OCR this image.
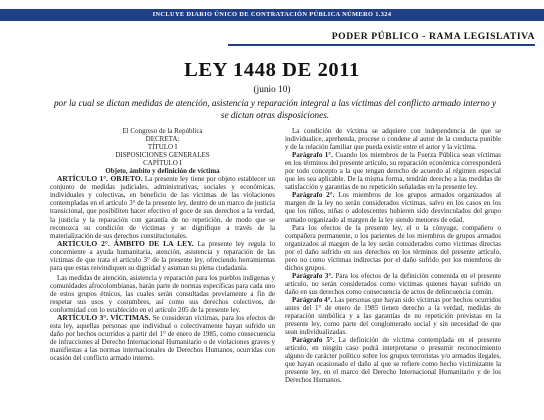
INCLUYE DIARIO ÚNICO DE CONTRATACIÓN PÚBLICA NÚMERO 1.324
PODER PÚBLICO - RAMA LEGISLATIVA
LEY 1448 DE 2011
(junio 10)
por la cual se dictan medidas de atención, asistencia y reparación integral a las víctimas del conflicto armado interno y se dictan otras disposiciones.

El Congreso de la República

DECRETA:

TÍTULO I

DISPOSICIONES GENERALES

CAPÍTULO I

Objeto, ámbito y definición de víctima

ARTÍCULO 1°. OBJETO. La presente ley tiene por objeto establecer un conjunto de medidas judiciales, administrativas, sociales y económicas, individuales y colectivas, en beneficio de las víctimas de las violaciones contempladas en el artículo 3° de la presente ley, dentro de un marco de justicia transicional, que posibiliten hacer efectivo el goce de sus derechos a la verdad, la justicia y la reparación con garantía de no repetición, de modo que se reconozca su condición de víctimas y se dignifique a través de la materialización de sus derechos constitucionales.

ARTÍCULO 2°. ÁMBITO DE LA LEY. La presente ley regula lo concerniente a ayuda humanitaria, atención, asistencia y reparación de las víctimas de que trata el artículo 3° de la presente ley, ofreciendo herramientas para que estas reivindiquen su dignidad y asuman su plena ciudadanía.

Las medidas de atención, asistencia y reparación para los pueblos indígenas y comunidades afrocolombianas, harán parte de normas específicas para cada uno de estos grupos étnicos, las cuales serán consultadas previamente a fin de respetar sus usos y costumbres, así como sus derechos colectivos, de conformidad con lo establecido en el artículo 205 de la presente ley.

ARTÍCULO 3°. VÍCTIMAS. Se consideran víctimas, para los efectos de esta ley, aquellas personas que individual o colectivamente hayan sufrido un daño por hechos ocurridos a partir del 1° de enero de 1985, como consecuencia de infracciones al Derecho Internacional Humanitario o de violaciones graves y manifiestas a las normas internacionales de Derechos Humanos, ocurridas con ocasión del conflicto armado interno.

La condición de víctima se adquiere con independencia de que se individualice, aprehenda, procese o condene al autor de la conducta punible y de la relación familiar que pueda existir entre el autor y la víctima.

Parágrafo 1°. Cuando los miembros de la Fuerza Pública sean víctimas en los términos del presente artículo, su reparación económica corresponderá por todo concepto a la que tengan derecho de acuerdo al régimen especial que les sea aplicable. De la misma forma, tendrán derecho a las medidas de satisfacción y garantías de no repetición señaladas en la presente ley.

Parágrafo 2°. Los miembros de los grupos armados organizados al margen de la ley no serán considerados víctimas, salvo en los casos en los que los niños, niñas o adolescentes hubieren sido desvinculados del grupo armado organizado al margen de la ley siendo menores de edad.

Para los efectos de la presente ley, el o la cónyuge, compañero o compañera permanente, o los parientes de los miembros de grupos armados organizados al margen de la ley serán considerados como víctimas directas por el daño sufrido en sus derechos en los términos del presente artículo, pero no como víctimas indirectas por el daño sufrido por los miembros de dichos grupos.

Parágrafo 3°. Para los efectos de la definición contenida en el presente artículo, no serán considerados como víctimas quienes hayan sufrido un daño en sus derechos como consecuencia de actos de delincuencia común.

Parágrafo 4°. Las personas que hayan sido víctimas por hechos ocurridos antes del 1° de enero de 1985 tienen derecho a la verdad, medidas de reparación simbólica y a las garantías de no repetición previstas en la presente ley, como parte del conglomerado social y sin necesidad de que sean individualizadas.

Parágrafo 5°. La definición de víctima contemplada en el presente artículo, en ningún caso podrá interpretarse o presumir reconocimiento alguno de carácter político sobre los grupos terroristas y/o armados ilegales, que hayan ocasionado el daño al que se refiere como hecho victimizante la presente ley, en el marco del Derecho Internacional Humanitario y de los Derechos Humanos.
